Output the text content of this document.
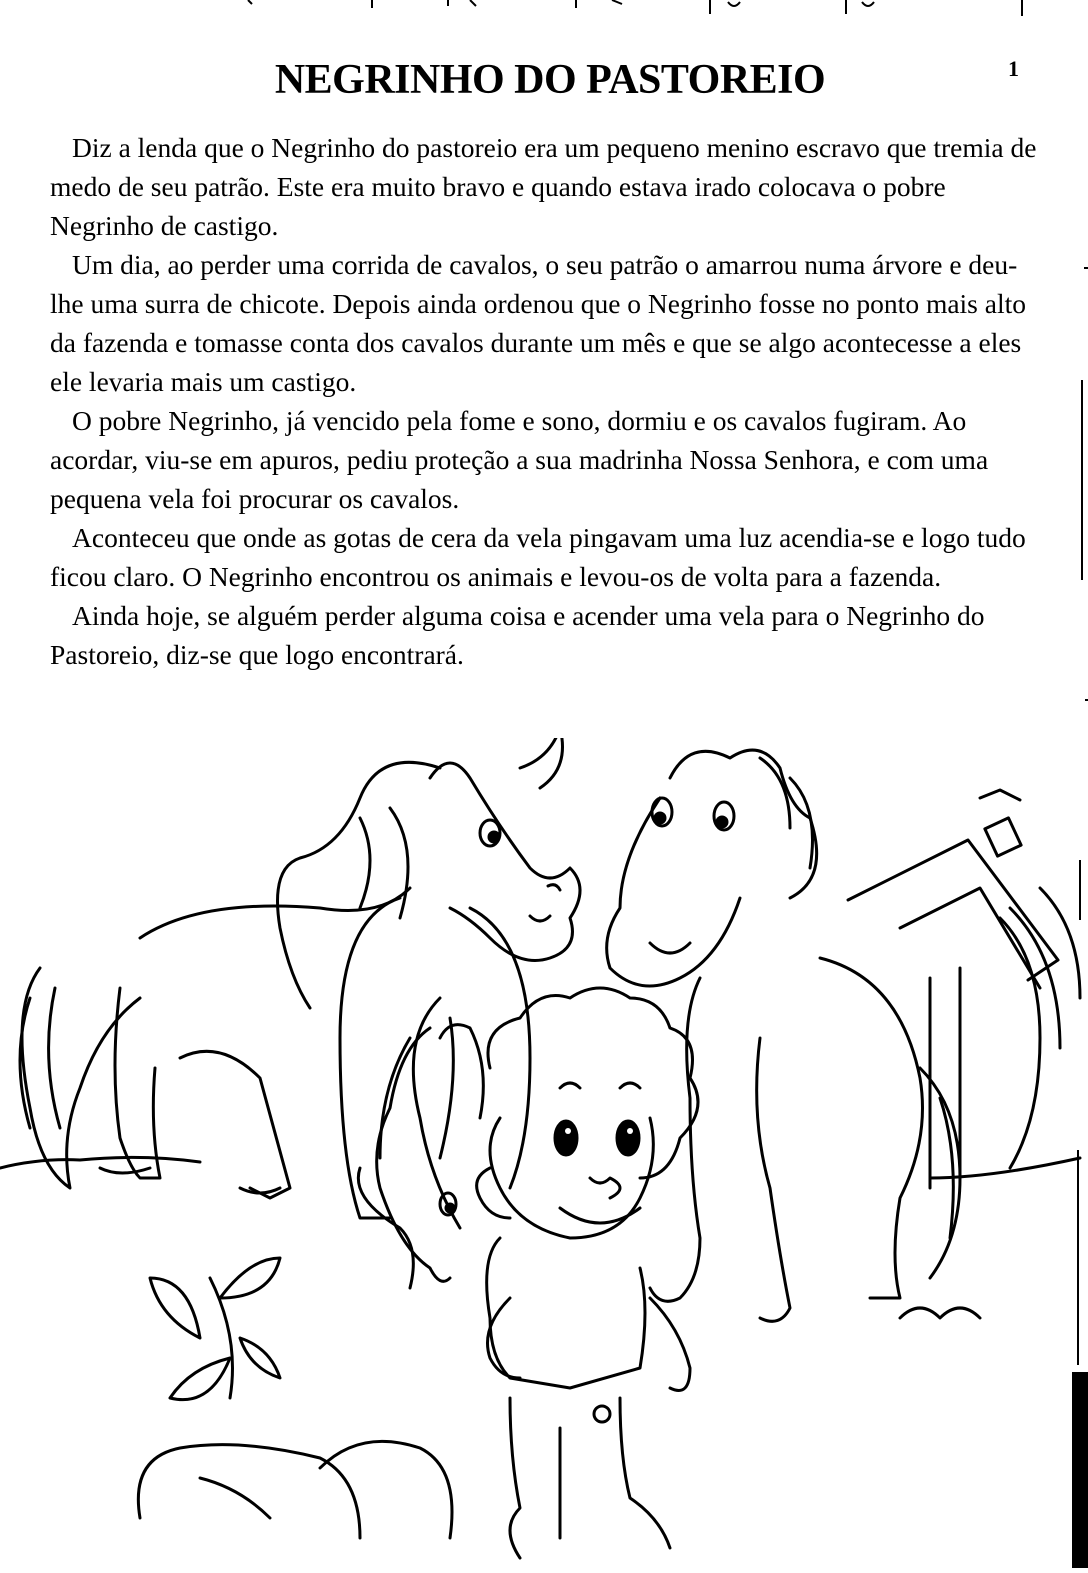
1
NEGRINHO DO PASTOREIO

Diz a lenda que o Negrinho do pastoreio era um pequeno menino escravo que tremia de medo de seu patrão. Este era muito bravo e quando estava irado colocava o pobre Negrinho de castigo.

Um dia, ao perder uma corrida de cavalos, o seu patrão o amarrou numa árvore e deu-lhe uma surra de chicote. Depois ainda ordenou que o Negrinho fosse no ponto mais alto da fazenda e tomasse conta dos cavalos durante um mês e que se algo acontecesse a eles ele levaria mais um castigo.

O pobre Negrinho, já vencido pela fome e sono, dormiu e os cavalos fugiram. Ao acordar, viu-se em apuros, pediu proteção a sua madrinha Nossa Senhora, e com uma pequena vela foi procurar os cavalos.

Aconteceu que onde as gotas de cera da vela pingavam uma luz acendia-se e logo tudo ficou claro. O Negrinho encontrou os animais e levou-os de volta para a fazenda.

Ainda hoje, se alguém perder alguma coisa e acender uma vela para o Negrinho do Pastoreio, diz-se que logo encontrará.
